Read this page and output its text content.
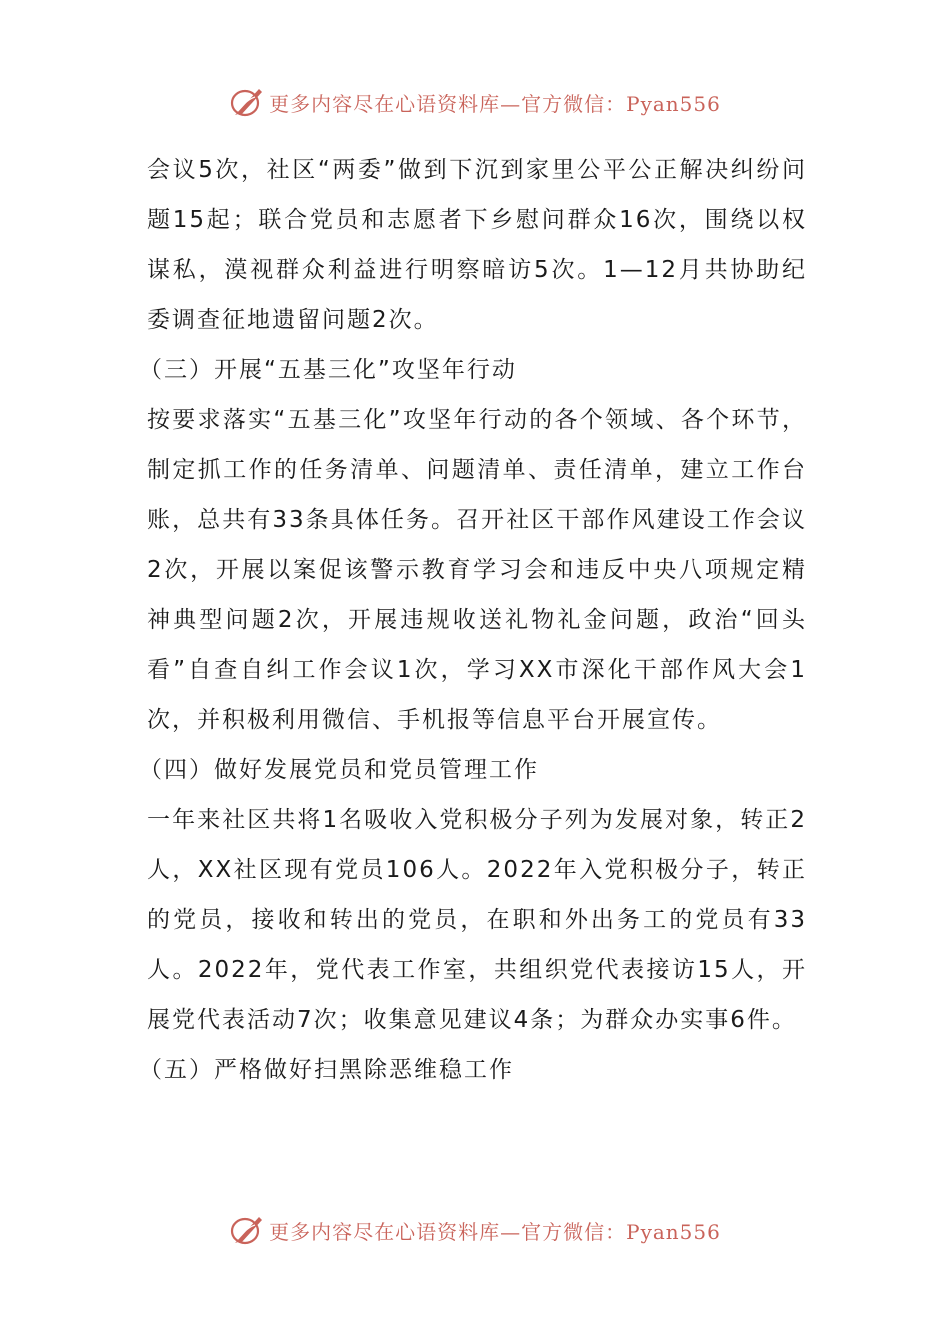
更多内容尽在心语资料库—官方微信：Pyan556

会议5次，社区“两委”做到下沉到家里公平公正解决纠纷问题15起；联合党员和志愿者下乡慰问群众16次，围绕以权谋私，漠视群众利益进行明察暗访5次。1—12月共协助纪委调查征地遗留问题2次。

（三）开展“五基三化”攻坚年行动

按要求落实“五基三化”攻坚年行动的各个领域、各个环节，制定抓工作的任务清单、问题清单、责任清单，建立工作台账，总共有33条具体任务。召开社区干部作风建设工作会议2次，开展以案促该警示教育学习会和违反中央八项规定精神典型问题2次，开展违规收送礼物礼金问题，政治“回头看”自查自纠工作会议1次，学习XX市深化干部作风大会1次，并积极利用微信、手机报等信息平台开展宣传。

（四）做好发展党员和党员管理工作

一年来社区共将1名吸收入党积极分子列为发展对象，转正2人，XX社区现有党员106人。2022年入党积极分子，转正的党员，接收和转出的党员，在职和外出务工的党员有33人。2022年，党代表工作室，共组织党代表接访15人，开展党代表活动7次；收集意见建议4条；为群众办实事6件。

（五）严格做好扫黑除恶维稳工作

更多内容尽在心语资料库—官方微信：Pyan556
